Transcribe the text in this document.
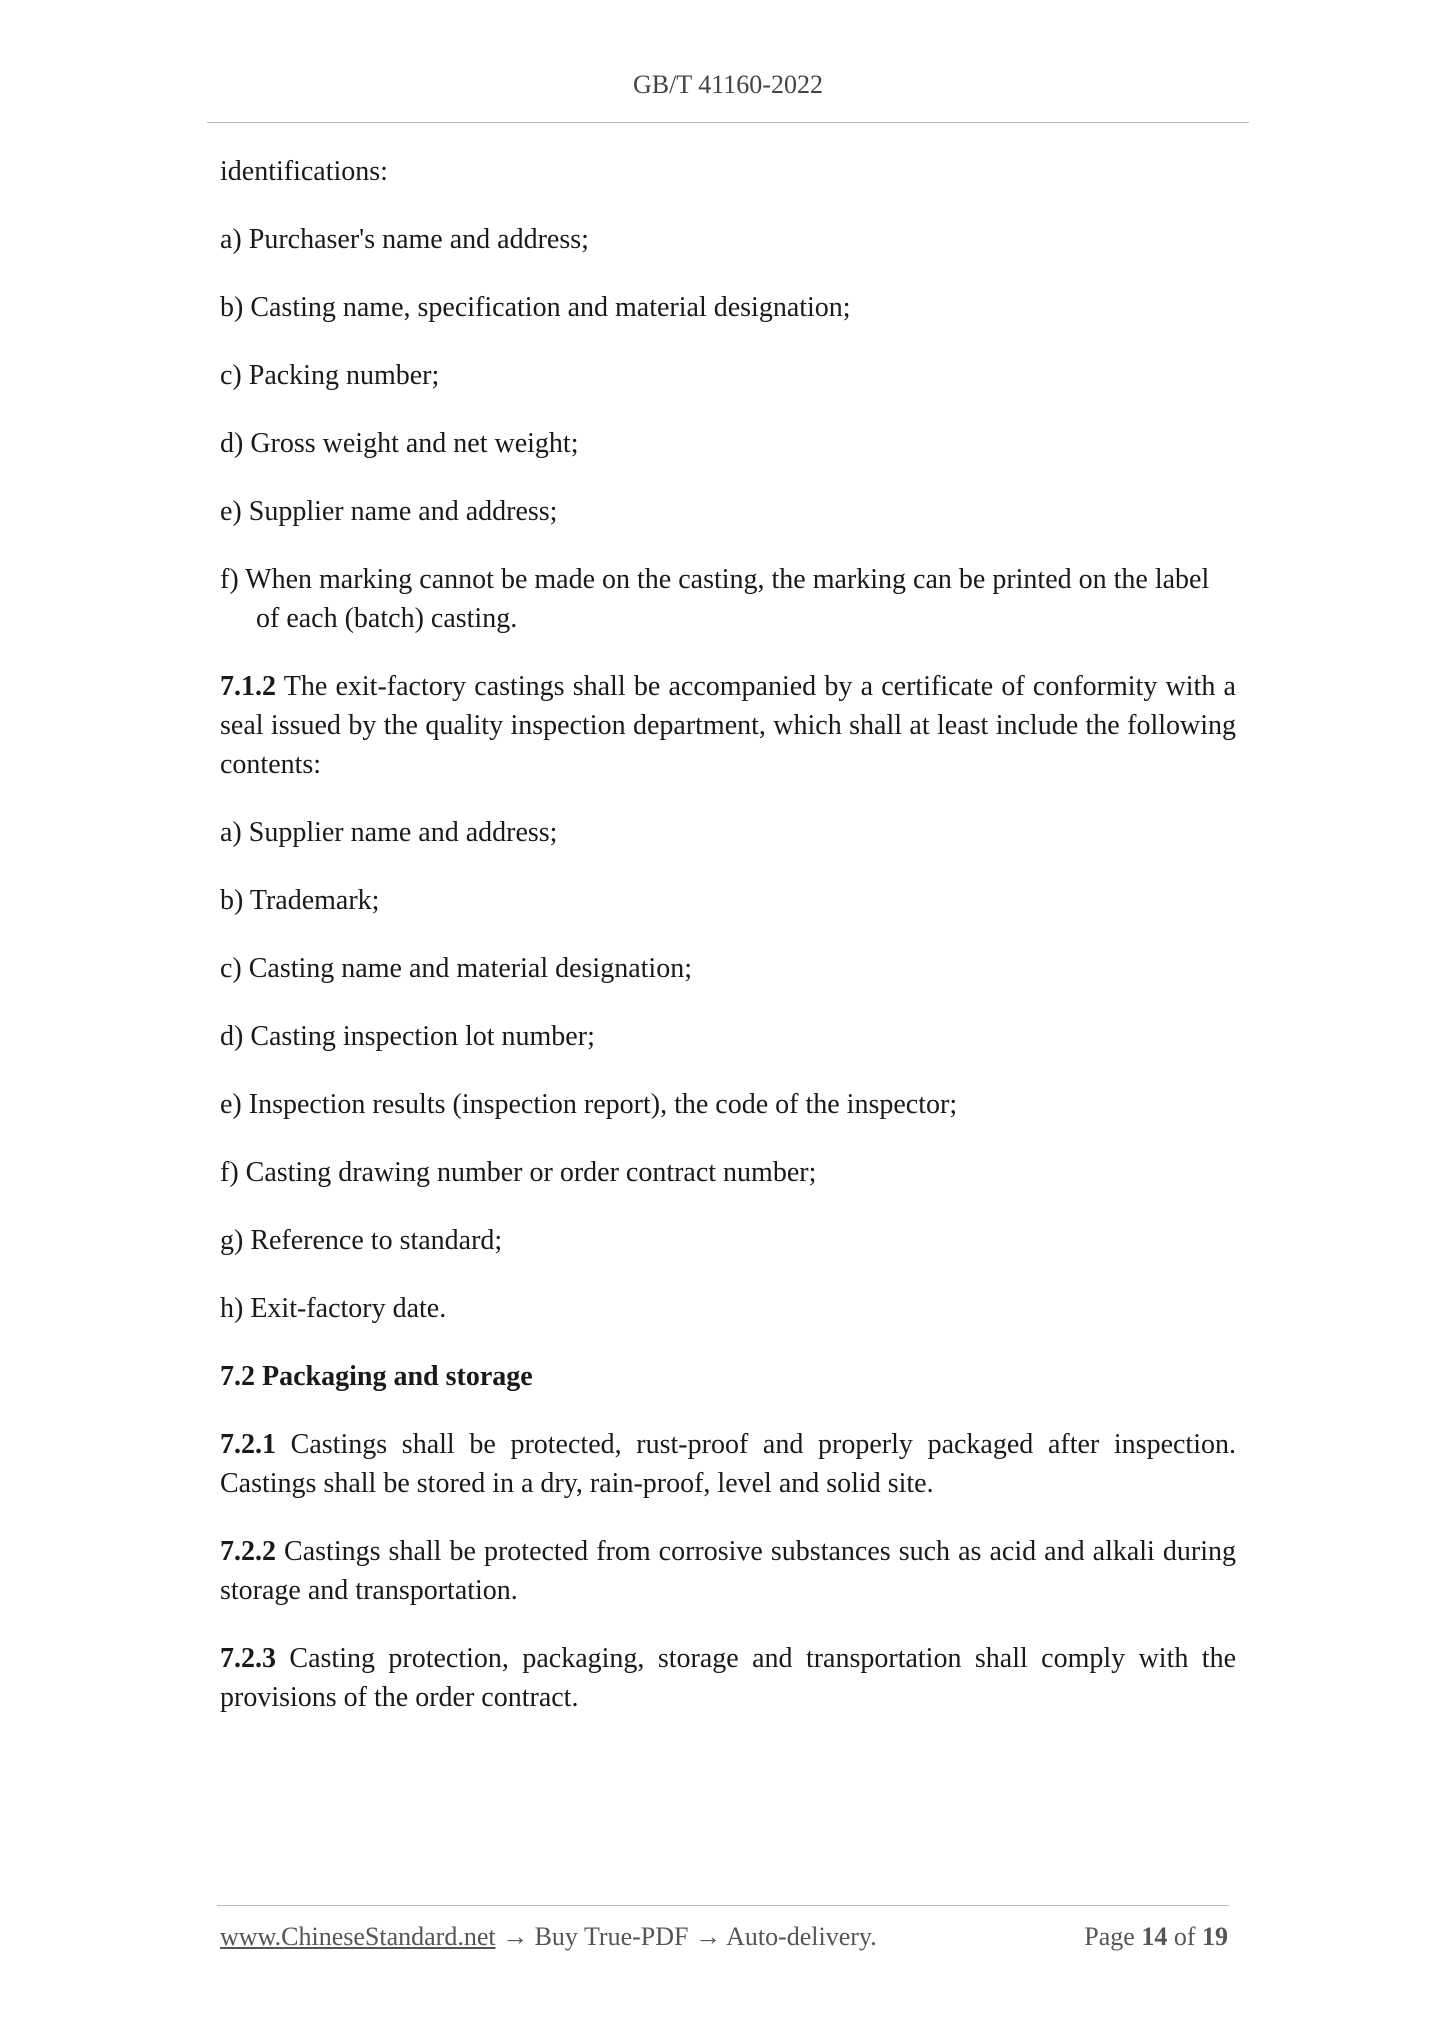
GB/T 41160-2022

identifications:

a) Purchaser's name and address;

b) Casting name, specification and material designation;

c) Packing number;

d) Gross weight and net weight;

e) Supplier name and address;

f) When marking cannot be made on the casting, the marking can be printed on the label of each (batch) casting.

7.1.2 The exit-factory castings shall be accompanied by a certificate of conformity with a seal issued by the quality inspection department, which shall at least include the following contents:

a) Supplier name and address;

b) Trademark;

c) Casting name and material designation;

d) Casting inspection lot number;

e) Inspection results (inspection report), the code of the inspector;

f) Casting drawing number or order contract number;

g) Reference to standard;

h) Exit-factory date.

7.2 Packaging and storage

7.2.1 Castings shall be protected, rust-proof and properly packaged after inspection. Castings shall be stored in a dry, rain-proof, level and solid site.

7.2.2 Castings shall be protected from corrosive substances such as acid and alkali during storage and transportation.

7.2.3 Casting protection, packaging, storage and transportation shall comply with the provisions of the order contract.

www.ChineseStandard.net → Buy True-PDF → Auto-delivery.	Page 14 of 19
